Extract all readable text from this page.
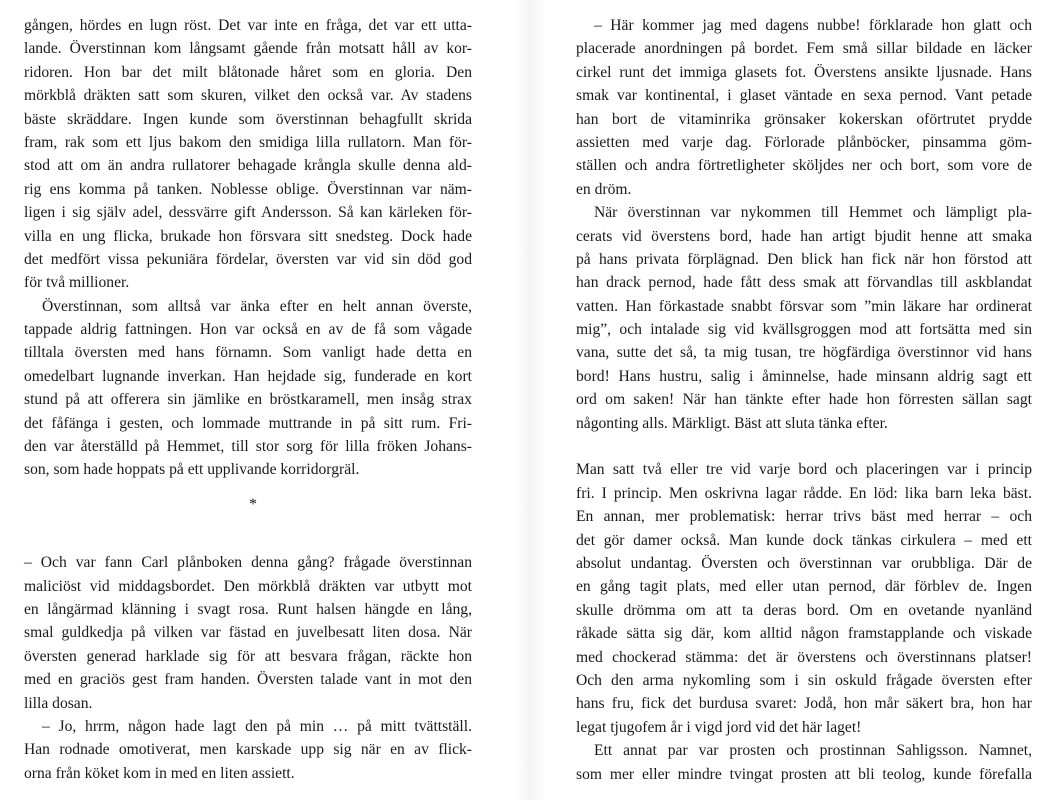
gången, hördes en lugn röst. Det var inte en fråga, det var ett utta-
lande. Överstinnan kom långsamt gående från motsatt håll av kor-
ridoren. Hon bar det milt blåtonade håret som en gloria. Den
mörkblå dräkten satt som skuren, vilket den också var. Av stadens
bäste skräddare. Ingen kunde som överstinnan behagfullt skrida
fram, rak som ett ljus bakom den smidiga lilla rullatorn. Man för-
stod att om än andra rullatorer behagade krångla skulle denna ald-
rig ens komma på tanken. Noblesse oblige. Överstinnan var näm-
ligen i sig själv adel, dessvärre gift Andersson. Så kan kärleken för-
villa en ung flicka, brukade hon försvara sitt snedsteg. Dock hade
det medfört vissa pekuniära fördelar, översten var vid sin död god
för två millioner.
Överstinnan, som alltså var änka efter en helt annan överste,
tappade aldrig fattningen. Hon var också en av de få som vågade
tilltala översten med hans förnamn. Som vanligt hade detta en
omedelbart lugnande inverkan. Han hejdade sig, funderade en kort
stund på att offerera sin jämlike en bröstkaramell, men insåg strax
det fåfänga i gesten, och lommade muttrande in på sitt rum. Fri-
den var återställd på Hemmet, till stor sorg för lilla fröken Johans-
son, som hade hoppats på ett upplivande korridorgräl.
*
– Och var fann Carl plånboken denna gång? frågade överstinnan
maliciöst vid middagsbordet. Den mörkblå dräkten var utbytt mot
en långärmad klänning i svagt rosa. Runt halsen hängde en lång,
smal guldkedja på vilken var fästad en juvelbesatt liten dosa. När
översten generad harklade sig för att besvara frågan, räckte hon
med en graciös gest fram handen. Översten talade vant in mot den
lilla dosan.
– Jo, hrrm, någon hade lagt den på min … på mitt tvättställ.
Han rodnade omotiverat, men karskade upp sig när en av flick-
orna från köket kom in med en liten assiett.
– Här kommer jag med dagens nubbe! förklarade hon glatt och
placerade anordningen på bordet. Fem små sillar bildade en läcker
cirkel runt det immiga glasets fot. Överstens ansikte ljusnade. Hans
smak var kontinental, i glaset väntade en sexa pernod. Vant petade
han bort de vitaminrika grönsaker kokerskan oförtrutet prydde
assietten med varje dag. Förlorade plånböcker, pinsamma göm-
ställen och andra förtretligheter sköljdes ner och bort, som vore de
en dröm.
När överstinnan var nykommen till Hemmet och lämpligt pla-
cerats vid överstens bord, hade han artigt bjudit henne att smaka
på hans privata förplägnad. Den blick han fick när hon förstod att
han drack pernod, hade fått dess smak att förvandlas till askblandat
vatten. Han förkastade snabbt försvar som ”min läkare har ordinerat
mig”, och intalade sig vid kvällsgroggen mod att fortsätta med sin
vana, sutte det så, ta mig tusan, tre högfärdiga överstinnor vid hans
bord! Hans hustru, salig i åminnelse, hade minsann aldrig sagt ett
ord om saken! När han tänkte efter hade hon förresten sällan sagt
någonting alls. Märkligt. Bäst att sluta tänka efter.
Man satt två eller tre vid varje bord och placeringen var i princip
fri. I princip. Men oskrivna lagar rådde. En löd: lika barn leka bäst.
En annan, mer problematisk: herrar trivs bäst med herrar – och
det gör damer också. Man kunde dock tänkas cirkulera – med ett
absolut undantag. Översten och överstinnan var orubbliga. Där de
en gång tagit plats, med eller utan pernod, där förblev de. Ingen
skulle drömma om att ta deras bord. Om en ovetande nyanländ
råkade sätta sig där, kom alltid någon framstapplande och viskade
med chockerad stämma: det är överstens och överstinnans platser!
Och den arma nykomling som i sin oskuld frågade översten efter
hans fru, fick det burdusa svaret: Jodå, hon mår säkert bra, hon har
legat tjugofem år i vigd jord vid det här laget!
Ett annat par var prosten och prostinnan Sahligsson. Namnet,
som mer eller mindre tvingat prosten att bli teolog, kunde förefalla
